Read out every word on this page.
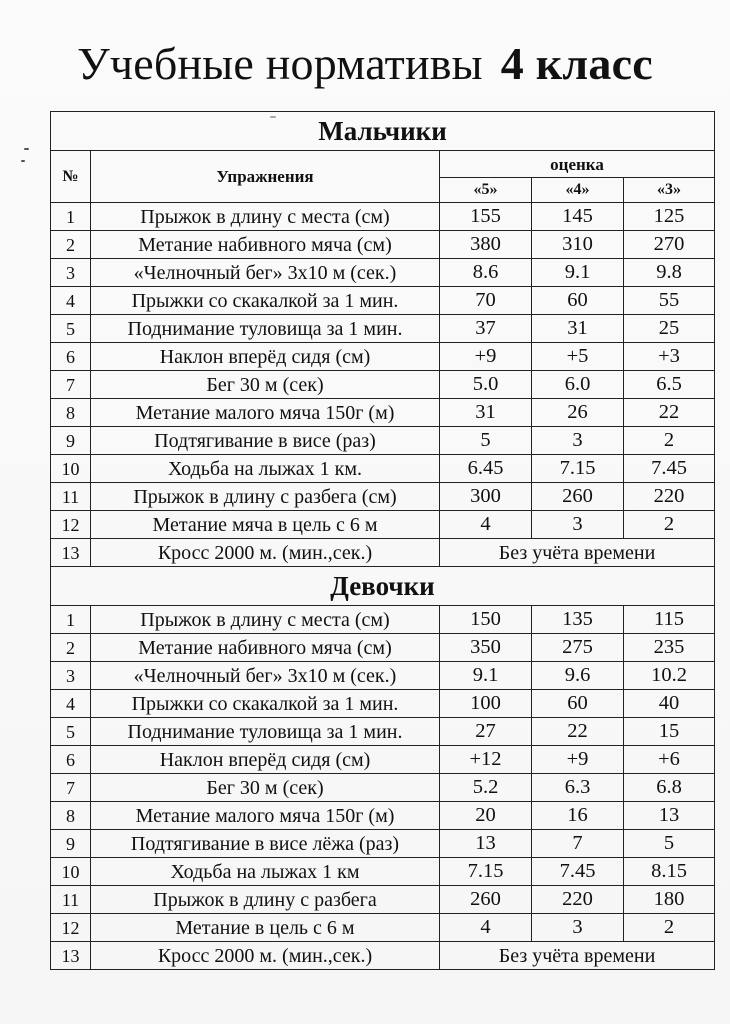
Учебные нормативы 4 класс
Мальчики				
№	Упражнения	оценка		
		«5»	«4»	«3»
1	Прыжок в длину с места (см)	155	145	125
2	Метание набивного мяча (см)	380	310	270
3	«Челночный бег» 3х10 м (сек.)	8.6	9.1	9.8
4	Прыжки со скакалкой за 1 мин.	70	60	55
5	Поднимание туловища за 1 мин.	37	31	25
6	Наклон вперёд сидя (см)	+9	+5	+3
7	Бег 30 м (сек)	5.0	6.0	6.5
8	Метание малого мяча 150г (м)	31	26	22
9	Подтягивание в висе (раз)	5	3	2
10	Ходьба на лыжах 1 км.	6.45	7.15	7.45
11	Прыжок в длину с разбега (см)	300	260	220
12	Метание мяча в цель с 6 м	4	3	2
13	Кросс 2000 м. (мин.,сек.)	Без учёта времени		
Девочки				
1	Прыжок в длину с места (см)	150	135	115
2	Метание набивного мяча (см)	350	275	235
3	«Челночный бег» 3х10 м (сек.)	9.1	9.6	10.2
4	Прыжки со скакалкой за 1 мин.	100	60	40
5	Поднимание туловища за 1 мин.	27	22	15
6	Наклон вперёд сидя (см)	+12	+9	+6
7	Бег 30 м (сек)	5.2	6.3	6.8
8	Метание малого мяча 150г (м)	20	16	13
9	Подтягивание в висе лёжа (раз)	13	7	5
10	Ходьба на лыжах 1 км	7.15	7.45	8.15
11	Прыжок в длину с разбега	260	220	180
12	Метание в цель с 6 м	4	3	2
13	Кросс 2000 м. (мин.,сек.)	Без учёта времени		
